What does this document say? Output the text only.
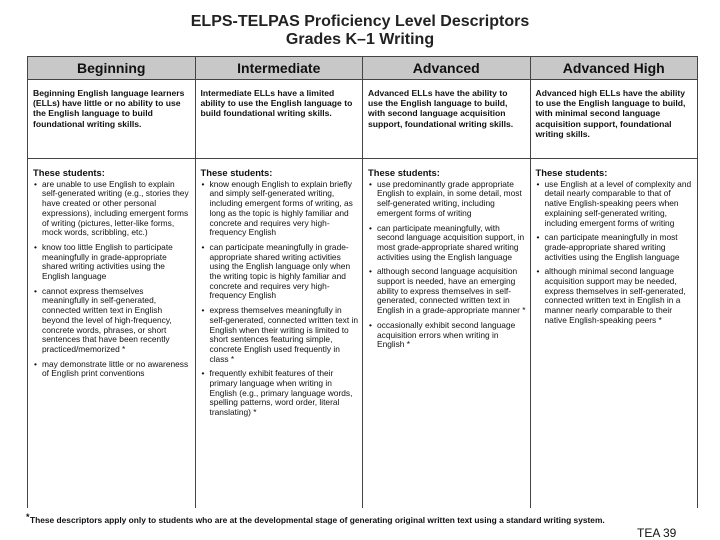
ELPS-TELPAS Proficiency Level Descriptors
Grades K–1 Writing
Beginning
Beginning English language learners (ELLs) have little or no ability to use the English language to build foundational writing skills.
These students:
• are unable to use English to explain self-generated writing (e.g., stories they have created or other personal expressions), including emergent forms of writing (pictures, letter-like forms, mock words, scribbling, etc.)
• know too little English to participate meaningfully in grade-appropriate shared writing activities using the English language
• cannot express themselves meaningfully in self-generated, connected written text in English beyond the level of high-frequency, concrete words, phrases, or short sentences that have been recently practiced/memorized *
• may demonstrate little or no awareness of English print conventions
Intermediate
Intermediate ELLs have a limited ability to use the English language to build foundational writing skills.
These students:
• know enough English to explain briefly and simply self-generated writing, including emergent forms of writing, as long as the topic is highly familiar and concrete and requires very high-frequency English
• can participate meaningfully in grade-appropriate shared writing activities using the English language only when the writing topic is highly familiar and concrete and requires very high-frequency English
• express themselves meaningfully in self-generated, connected written text in English when their writing is limited to short sentences featuring simple, concrete English used frequently in class *
• frequently exhibit features of their primary language when writing in English (e.g., primary language words, spelling patterns, word order, literal translating) *
Advanced
Advanced ELLs have the ability to use the English language to build, with second language acquisition support, foundational writing skills.
These students:
• use predominantly grade appropriate English to explain, in some detail, most self-generated writing, including emergent forms of writing
• can participate meaningfully, with second language acquisition support, in most grade-appropriate shared writing activities using the English language
• although second language acquisition support is needed, have an emerging ability to express themselves in self-generated, connected written text in English in a grade-appropriate manner *
• occasionally exhibit second language acquisition errors when writing in English *
Advanced High
Advanced high ELLs have the ability to use the English language to build, with minimal second language acquisition support, foundational writing skills.
These students:
• use English at a level of complexity and detail nearly comparable to that of native English-speaking peers when explaining self-generated writing, including emergent forms of writing
• can participate meaningfully in most grade-appropriate shared writing activities using the English language
• although minimal second language acquisition support may be needed, express themselves in self-generated, connected written text in English in a manner nearly comparable to their native English-speaking peers *
* These descriptors apply only to students who are at the developmental stage of generating original written text using a standard writing system.
TEA 39
